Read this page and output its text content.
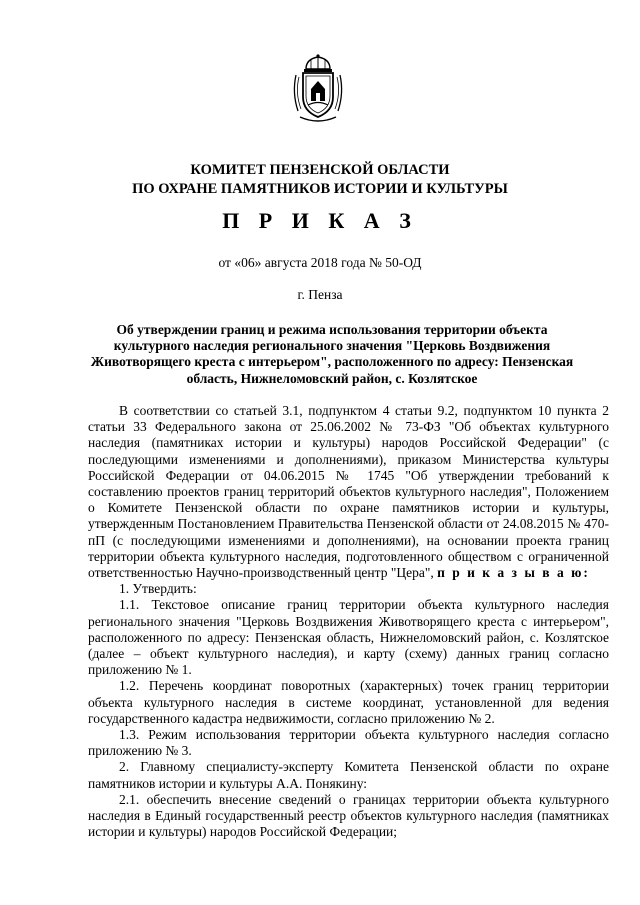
КОМИТЕТ ПЕНЗЕНСКОЙ ОБЛАСТИ
ПО ОХРАНЕ ПАМЯТНИКОВ ИСТОРИИ И КУЛЬТУРЫ
П Р И К А З
от «06» августа 2018 года № 50-ОД
г. Пенза
Об утверждении границ и режима использования территории объекта культурного наследия регионального значения "Церковь Воздвижения Животворящего креста с интерьером", расположенного по адресу: Пензенская область, Нижнеломовский район, с. Козлятское

В соответствии со статьей 3.1, подпунктом 4 статьи 9.2, подпунктом 10 пункта 2 статьи 33 Федерального закона от 25.06.2002 № 73-ФЗ "Об объектах культурного наследия (памятниках истории и культуры) народов Российской Федерации" (с последующими изменениями и дополнениями), приказом Министерства культуры Российской Федерации от 04.06.2015 № 1745 "Об утверждении требований к составлению проектов границ территорий объектов культурного наследия", Положением о Комитете Пензенской области по охране памятников истории и культуры, утвержденным Постановлением Правительства Пензенской области от 24.08.2015 № 470-пП (с последующими изменениями и дополнениями), на основании проекта границ территории объекта культурного наследия, подготовленного обществом с ограниченной ответственностью Научно-производственный центр "Цера", п р и к а з ы в а ю:

1. Утвердить:

1.1. Текстовое описание границ территории объекта культурного наследия регионального значения "Церковь Воздвижения Животворящего креста с интерьером", расположенного по адресу: Пензенская область, Нижнеломовский район, с. Козлятское (далее – объект культурного наследия), и карту (схему) данных границ согласно приложению № 1.

1.2. Перечень координат поворотных (характерных) точек границ территории объекта культурного наследия в системе координат, установленной для ведения государственного кадастра недвижимости, согласно приложению № 2.

1.3. Режим использования территории объекта культурного наследия согласно приложению № 3.

2. Главному специалисту-эксперту Комитета Пензенской области по охране памятников истории и культуры А.А. Понякину:

2.1. обеспечить внесение сведений о границах территории объекта культурного наследия в Единый государственный реестр объектов культурного наследия (памятниках истории и культуры) народов Российской Федерации;
